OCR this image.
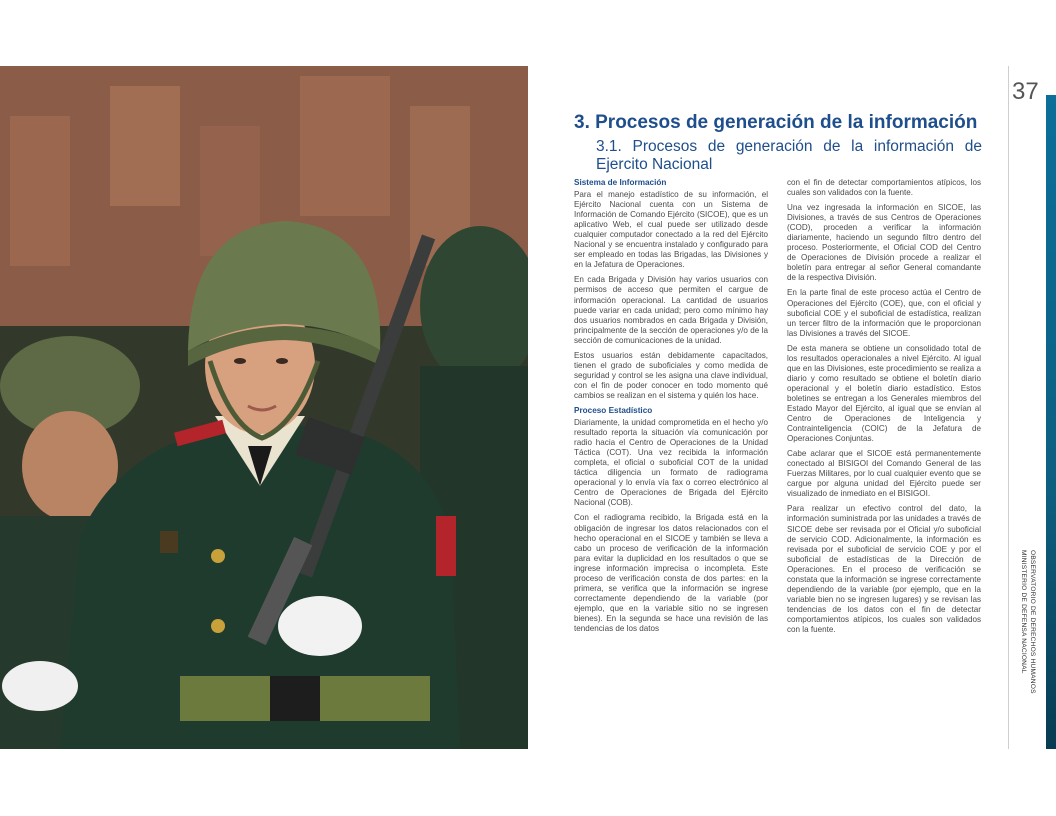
37
OBSERVATORIO DE DERECHOS HUMANOS
MINISTERIO DE DEFENSA NACIONAL
3. Procesos de generación de la información
3.1. Procesos de generación de la información de Ejercito Nacional
Sistema de Información

Para el manejo estadístico de su información, el Ejército Nacional cuenta con un Sistema de Información de Comando Ejército (SICOE), que es un aplicativo Web, el cual puede ser utilizado desde cualquier computador conectado a la red del Ejército Nacional y se encuentra instalado y configurado para ser empleado en todas las Brigadas, las Divisiones y en la Jefatura de Operaciones.

En cada Brigada y División hay varios usuarios con permisos de acceso que permiten el cargue de información operacional. La cantidad de usuarios puede variar en cada unidad; pero como mínimo hay dos usuarios nombrados en cada Brigada y División, principalmente de la sección de operaciones y/o de la sección de comunicaciones de la unidad.

Estos usuarios están debidamente capacitados, tienen el grado de suboficiales y como medida de seguridad y control se les asigna una clave individual, con el fin de poder conocer en todo momento qué cambios se realizan en el sistema y quién los hace.

Proceso Estadístico

Diariamente, la unidad comprometida en el hecho y/o resultado reporta la situación vía comunicación por radio hacia el Centro de Operaciones de la Unidad Táctica (COT). Una vez recibida la información completa, el oficial o suboficial COT de la unidad táctica diligencia un formato de radiograma operacional y lo envía vía fax o correo electrónico al Centro de Operaciones de Brigada del Ejército Nacional (COB).

Con el radiograma recibido, la Brigada está en la obligación de ingresar los datos relacionados con el hecho operacional en el SICOE y también se lleva a cabo un proceso de verificación de la información para evitar la duplicidad en los resultados o que se ingrese información imprecisa o incompleta. Este proceso de verificación consta de dos partes: en la primera, se verifica que la información se ingrese correctamente dependiendo de la variable (por ejemplo, que en la variable sitio no se ingresen bienes). En la segunda se hace una revisión de las tendencias de los datos

con el fin de detectar comportamientos atípicos, los cuales son validados con la fuente.

Una vez ingresada la información en SICOE, las Divisiones, a través de sus Centros de Operaciones (COD), proceden a verificar la información diariamente, haciendo un segundo filtro dentro del proceso. Posteriormente, el Oficial COD del Centro de Operaciones de División procede a realizar el boletín para entregar al señor General comandante de la respectiva División.

En la parte final de este proceso actúa el Centro de Operaciones del Ejército (COE), que, con el oficial y suboficial COE y el suboficial de estadística, realizan un tercer filtro de la información que le proporcionan las Divisiones a través del SICOE.

De esta manera se obtiene un consolidado total de los resultados operacionales a nivel Ejército. Al igual que en las Divisiones, este procedimiento se realiza a diario y como resultado se obtiene el boletín diario operacional y el boletín diario estadístico. Estos boletines se entregan a los Generales miembros del Estado Mayor del Ejército, al igual que se envían al Centro de Operaciones de Inteligencia y Contrainteligencia (COIC) de la Jefatura de Operaciones Conjuntas.

Cabe aclarar que el SICOE está permanentemente conectado al BISIGOI del Comando General de las Fuerzas Militares, por lo cual cualquier evento que se cargue por alguna unidad del Ejército puede ser visualizado de inmediato en el BISIGOI.

Para realizar un efectivo control del dato, la información suministrada por las unidades a través de SICOE debe ser revisada por el Oficial y/o suboficial de servicio COD. Adicionalmente, la información es revisada por el suboficial de servicio COE y por el suboficial de estadísticas de la Dirección de Operaciones. En el proceso de verificación se constata que la información se ingrese correctamente dependiendo de la variable (por ejemplo, que en la variable bien no se ingresen lugares) y se revisan las tendencias de los datos con el fin de detectar comportamientos atípicos, los cuales son validados con la fuente.
